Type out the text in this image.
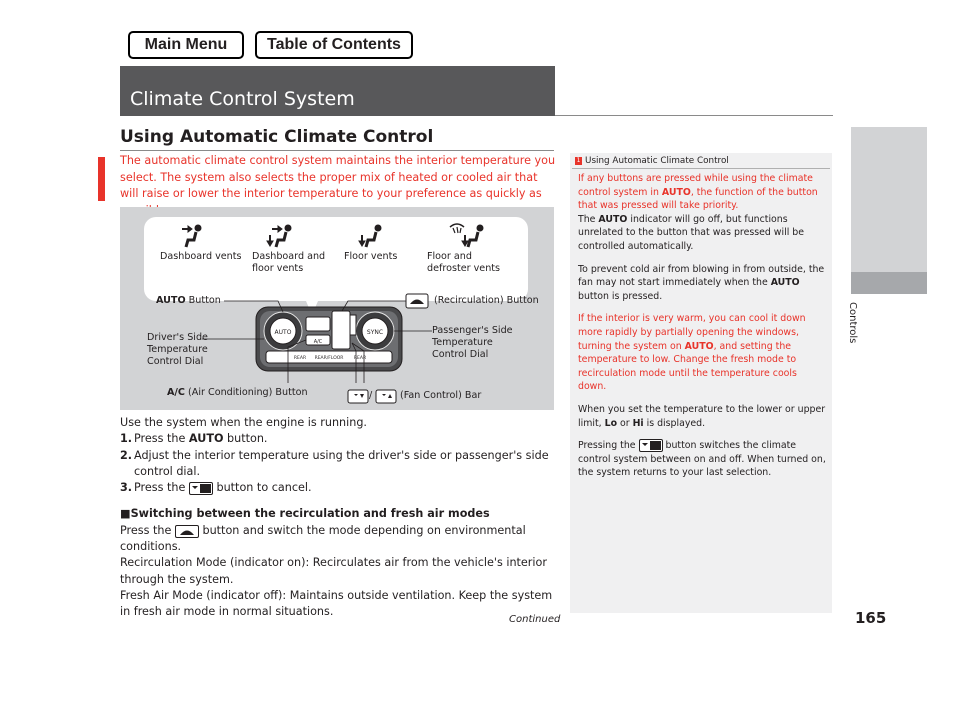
Main Menu	Table of Contents
Climate Control System
Using Automatic Climate Control
The automatic climate control system maintains the interior temperature you select. The system also selects the proper mix of heated or cooled air that will raise or lower the interior temperature to your preference as quickly as
AUTO	SYNC
A/C
REAR REAR/FLOOR REAR
Dashboard vents Dashboard and
floor vents
Floor vents	Floor and
defroster vents
AUTO Button	(Recirculation) Button
Driver's Side
Temperature
Control Dial
Passenger's Side
Temperature
Control Dial
A/C (Air Conditioning) Button	/	(Fan Control) Bar
Use the system when the engine is running.
1. Press the AUTO button.
2. Adjust the interior temperature using the driver's side or passenger's side control dial.
3. Press the  button to cancel.
■Switching between the recirculation and fresh air modes
Press the  button and switch the mode depending on environmental conditions.
Recirculation Mode (indicator on): Recirculates air from the vehicle's interior through the system.
Fresh Air Mode (indicator off): Maintains outside ventilation. Keep the system in fresh air mode in normal situations.
Continued
1 Using Automatic Climate Control

If any buttons are pressed while using the climate control system in AUTO, the function of the button that was pressed will take priority.
The AUTO indicator will go off, but functions unrelated to the button that was pressed will be controlled automatically.

To prevent cold air from blowing in from outside, the fan may not start immediately when the AUTO button is pressed.

If the interior is very warm, you can cool it down more rapidly by partially opening the windows, turning the system on AUTO, and setting the temperature to low. Change the fresh mode to recirculation mode until the temperature cools down.

When you set the temperature to the lower or upper limit, Lo or Hi is displayed.

Pressing the	button switches the climate control system between on and off. When turned on, the system returns to your last selection.

Controls
165
